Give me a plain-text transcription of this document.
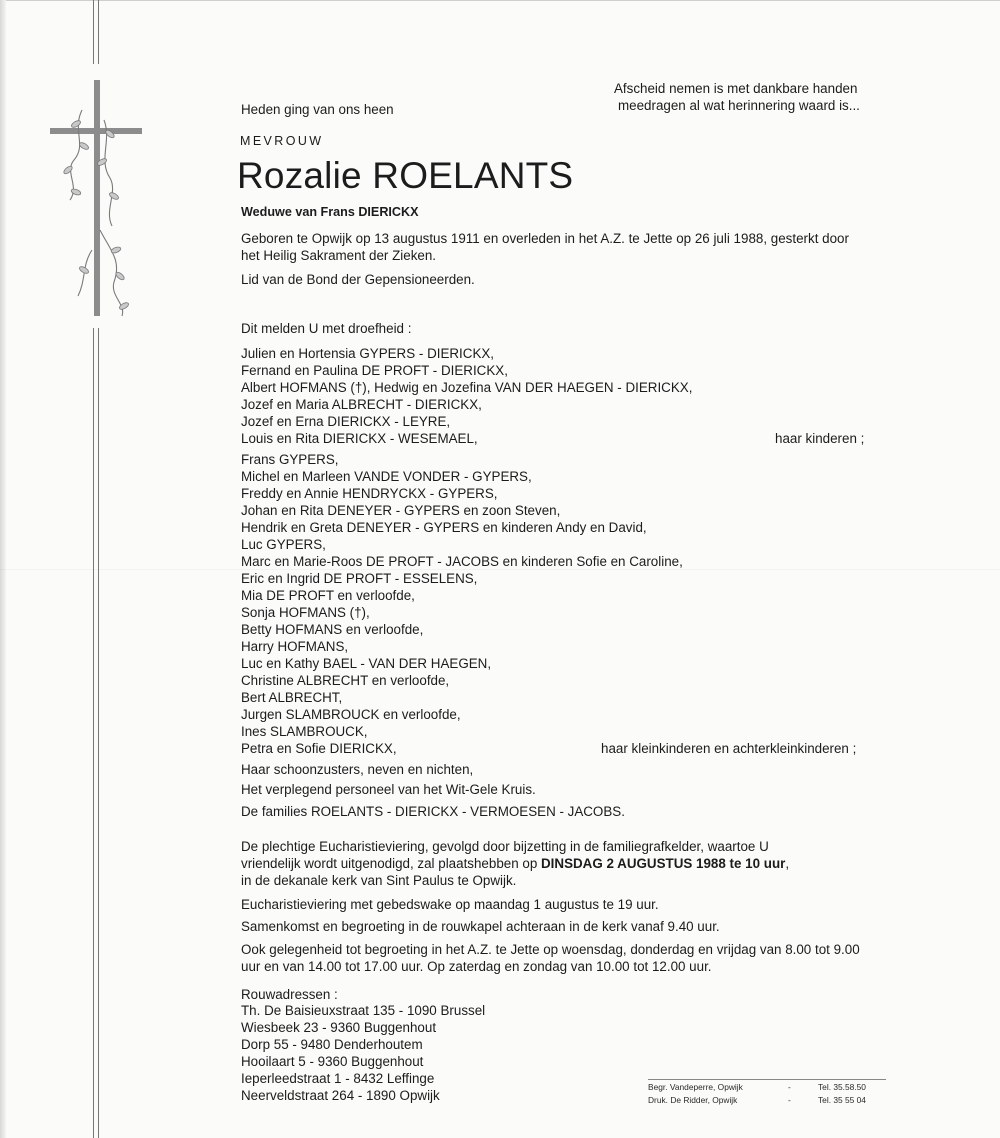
Afscheid nemen is met dankbare handen
meedragen al wat herinnering waard is...
Heden ging van ons heen
MEVROUW
Rozalie ROELANTS
Weduwe van Frans DIERICKX
Geboren te Opwijk op 13 augustus 1911 en overleden in het A.Z. te Jette op 26 juli 1988, gesterkt door
het Heilig Sakrament der Zieken.
Lid van de Bond der Gepensioneerden.
Dit melden U met droefheid :
Julien en Hortensia GYPERS - DIERICKX,
Fernand en Paulina DE PROFT - DIERICKX,
Albert HOFMANS (†), Hedwig en Jozefina VAN DER HAEGEN - DIERICKX,
Jozef en Maria ALBRECHT - DIERICKX,
Jozef en Erna DIERICKX - LEYRE,
Louis en Rita DIERICKX - WESEMAEL,	haar kinderen ;
Frans GYPERS,
Michel en Marleen VANDE VONDER - GYPERS,
Freddy en Annie HENDRYCKX - GYPERS,
Johan en Rita DENEYER - GYPERS en zoon Steven,
Hendrik en Greta DENEYER - GYPERS en kinderen Andy en David,
Luc GYPERS,
Marc en Marie-Roos DE PROFT - JACOBS en kinderen Sofie en Caroline,
Eric en Ingrid DE PROFT - ESSELENS,
Mia DE PROFT en verloofde,
Sonja HOFMANS (†),
Betty HOFMANS en verloofde,
Harry HOFMANS,
Luc en Kathy BAEL - VAN DER HAEGEN,
Christine ALBRECHT en verloofde,
Bert ALBRECHT,
Jurgen SLAMBROUCK en verloofde,
Ines SLAMBROUCK,
Petra en Sofie DIERICKX,	haar kleinkinderen en achterkleinkinderen ;
Haar schoonzusters, neven en nichten,
Het verplegend personeel van het Wit-Gele Kruis.
De families ROELANTS - DIERICKX - VERMOESEN - JACOBS.
De plechtige Eucharistieviering, gevolgd door bijzetting in de familiegrafkelder, waartoe U
vriendelijk wordt uitgenodigd, zal plaatshebben op DINSDAG 2 AUGUSTUS 1988 te 10 uur,
in de dekanale kerk van Sint Paulus te Opwijk.
Eucharistieviering met gebedswake op maandag 1 augustus te 19 uur.
Samenkomst en begroeting in de rouwkapel achteraan in de kerk vanaf 9.40 uur.
Ook gelegenheid tot begroeting in het A.Z. te Jette op woensdag, donderdag en vrijdag van 8.00 tot 9.00
uur en van 14.00 tot 17.00 uur. Op zaterdag en zondag van 10.00 tot 12.00 uur.
Rouwadressen :
Th. De Baisieuxstraat 135 - 1090 Brussel
Wiesbeek 23 - 9360 Buggenhout
Dorp 55 - 9480 Denderhoutem
Hooilaart 5 - 9360 Buggenhout
Ieperleedstraat 1 - 8432 Leffinge
Neerveldstraat 264 - 1890 Opwijk
Begr. Vandeperre, Opwijk	-	Tel. 35.58.50
Druk. De Ridder, Opwijk	-	Tel. 35 55 04
